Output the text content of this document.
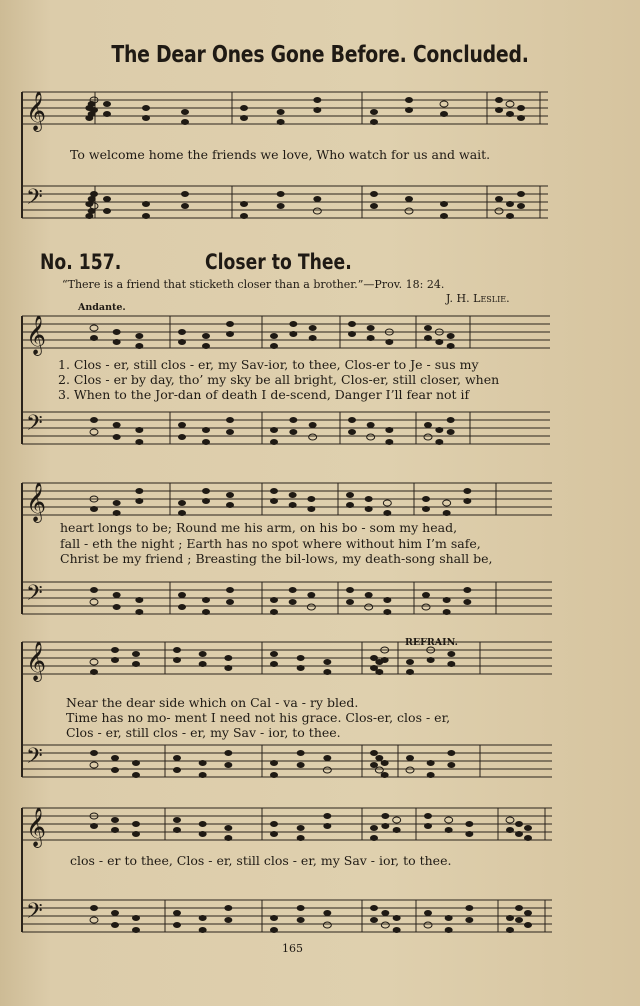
The Dear Ones Gone Before. Concluded.
𝄞
𝄢
𝄞
𝄢
𝄞
𝄢
𝄞
𝄢
𝄞
𝄢
To welcome home the friends we love, Who watch for us and wait.
No. 157.	Closer to Thee.
“There is a friend that sticketh closer than a brother.”—Prov. 18: 24.
J. H. Leslie.
Andante.
1. Clos - er, still clos - er, my Sav-ior, to thee, Clos-er to Je - sus my
2. Clos - er by day, tho’ my sky be all bright, Clos-er, still closer, when
3. When to the Jor-dan of death I de-scend, Danger I’ll fear not if
heart longs to be; Round me his arm, on his bo - som my head,
fall - eth the night ; Earth has no spot where without him I’m safe,
Christ be my friend ; Breasting the bil-lows, my death-song shall be,
REFRAIN.
Near the dear side which on Cal - va - ry bled.
Time has no mo- ment I need not his grace. Clos-er, clos - er,
Clos - er, still clos - er, my Sav - ior, to thee.
clos - er to thee, Clos - er, still clos - er, my Sav - ior, to thee.
165
